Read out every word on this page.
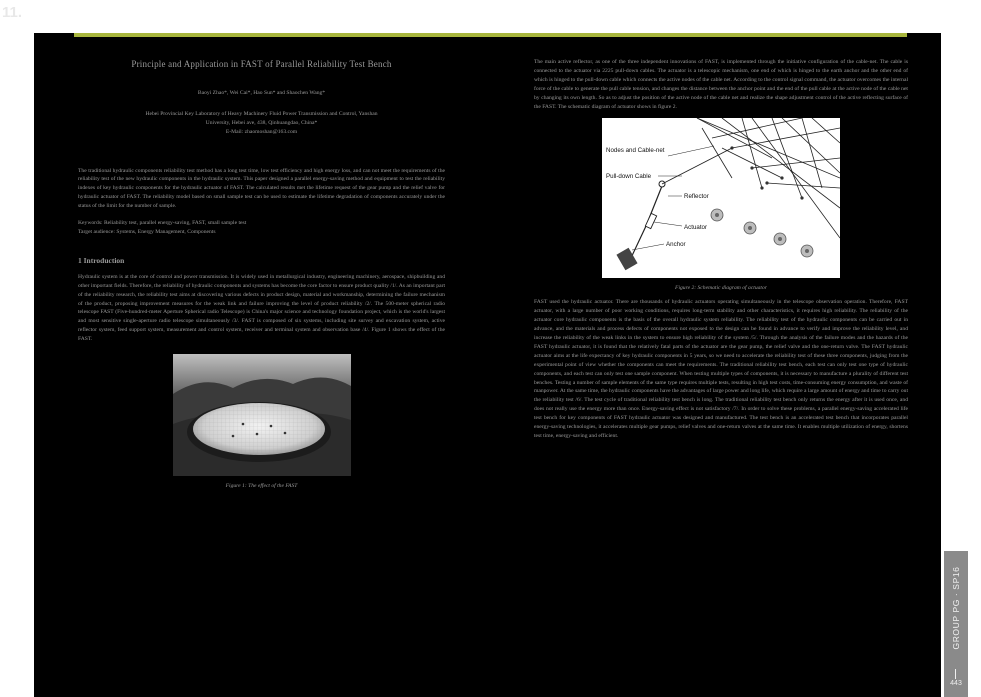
11.
Principle and Application in FAST of Parallel Reliability Test Bench
Baoyi Zhao*, Wei Cai*, Hao Sun* and Shaochen Wang*
Hebei Provincial Key Laboratory of Heavy Machinery Fluid Power Transmission and Control, Yanshan
University, Hebei ave, 438, Qinhuangdao, China*
E-Mail: zhaomoshan@163.com
The traditional hydraulic components reliability test method has a long test time, low test efficiency and high energy loss, and can not meet the requirements of the reliability test of the new hydraulic components in the hydraulic system. This paper designed a parallel energy-saving method and equipment to test the reliability indexes of key hydraulic components for the hydraulic actuator of FAST. The calculated results met the lifetime request of the gear pump and the relief valve for hydraulic actuator of FAST. The reliability model based on small sample test can be used to estimate the lifetime degradation of components accurately under the status of the limit for the number of sample.
Keywords: Reliability test, parallel energy-saving, FAST, small sample test
Target audience: Systems, Energy Management, Components
1 Introduction
Hydraulic system is at the core of control and power transmission. It is widely used in metallurgical industry, engineering machinery, aerospace, shipbuilding and other important fields. Therefore, the reliability of hydraulic components and systems has become the core factor to ensure product quality /1/. As an important part of the reliability research, the reliability test aims at discovering various defects in product design, material and workmanship, determining the failure mechanism of the product, proposing improvement measures for the weak link and failure improving the level of product reliability /2/. The 500-meter spherical radio telescope FAST (Five-hundred-meter Aperture Spherical radio Telescope) is China's major science and technology foundation project, which is the world's largest and most sensitive single-aperture radio telescope simultaneously /3/. FAST is composed of six systems, including site survey and excavation system, active reflector system, feed support system, measurement and control system, receiver and terminal system and observation base /4/. Figure 1 shows the effect of the FAST.
Figure 1: The effect of the FAST
The main active reflector, as one of the three independent innovations of FAST, is implemented through the initiative configuration of the cable-net. The cable is connected to the actuator via 2225 pull-down cables. The actuator is a telescopic mechanism, one end of which is hinged to the earth anchor and the other end of which is hinged to the pull-down cable which connects the active nodes of the cable net. According to the control signal command, the actuator overcomes the internal force of the cable to generate the pull cable tension, and changes the distance between the anchor point and the end of the pull cable at the active node of the cable net by changing its own length. So as to adjust the position of the active node of the cable net and realize the shape adjustment control of the active reflecting surface of the FAST. The schematic diagram of actuator shows in figure 2.
Nodes and Cable-net
Pull-down Cable
Reflector
Actuator
Anchor
Figure 2: Schematic diagram of actuator
FAST used the hydraulic actuator. There are thousands of hydraulic actuators operating simultaneously in the telescope observation operation. Therefore, FAST actuator, with a large number of poor working conditions, requires long-term stability and other characteristics, it requires high reliability. The reliability of the actuator core hydraulic components is the basis of the overall hydraulic system reliability. The reliability test of the hydraulic components can be carried out in advance, and the materials and process defects of components not exposed to the design can be found in advance to verify and improve the reliability level, and increase the reliability of the weak links in the system to ensure high reliability of the system /5/. Through the analysis of the failure modes and the hazards of the FAST hydraulic actuator, it is found that the relatively fatal parts of the actuator are the gear pump, the relief valve and the one-return valve. The FAST hydraulic actuator aims at the life expectancy of key hydraulic components in 5 years, so we need to accelerate the reliability test of these three components, judging from the experimental point of view whether the components can meet the requirements. The traditional reliability test bench, each test can only test one type of hydraulic components, and each test can only test one sample component. When testing multiple types of components, it is necessary to manufacture a plurality of different test benches. Testing a number of sample elements of the same type requires multiple tests, resulting in high test costs, time-consuming energy consumption, and waste of manpower. At the same time, the hydraulic components have the advantages of large power and long life, which require a large amount of energy and time to carry out the reliability test /6/. The test cycle of traditional reliability test bench is long. The traditional reliability test bench only returns the energy after it is used once, and does not really use the energy more than once. Energy-saving effect is not satisfactory /7/. In order to solve these problems, a parallel energy-saving accelerated life test bench for key components of FAST hydraulic actuator was designed and manufactured. The test bench is an accelerated test bench that incorporates parallel energy-saving technologies, it accelerates multiple gear pumps, relief valves and one-return valves at the same time. It enables multiple utilization of energy, shortens test time, energy-saving and efficient.
GROUP PG · SP16
443
